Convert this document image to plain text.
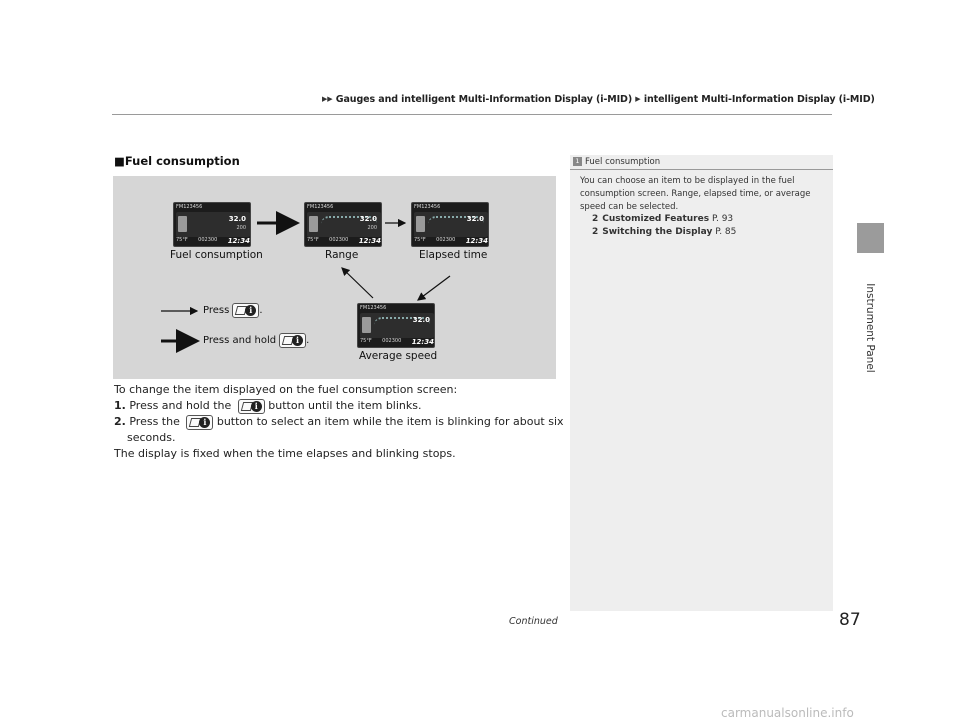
▶▶ Gauges and intelligent Multi-Information Display (i-MID) ▶ intelligent Multi-Information Display (i-MID)
Instrument Panel
■Fuel consumption
FM123456
32.0
200
75°F 002300 12:34
FM123456
32.0
200
75°F 002300 12:34
FM123456
32.0
75°F 002300 12:34
FM123456
32.0
75°F 002300 12:34
Fuel consumption	Range	Elapsed time
Average speed
Press	i .
Press and hold	i .
To change the item displayed on the fuel consumption screen:
1. Press and hold the	i button until the item blinks.
2. Press the	i button to select an item while the item is blinking for about six
seconds.
The display is fixed when the time elapses and blinking stops.
1 Fuel consumption
You can choose an item to be displayed in the fuel
consumption screen. Range, elapsed time, or average
speed can be selected.
2 Customized Features P. 93
2 Switching the Display P. 85
Continued	87
carmanualsonline.info
